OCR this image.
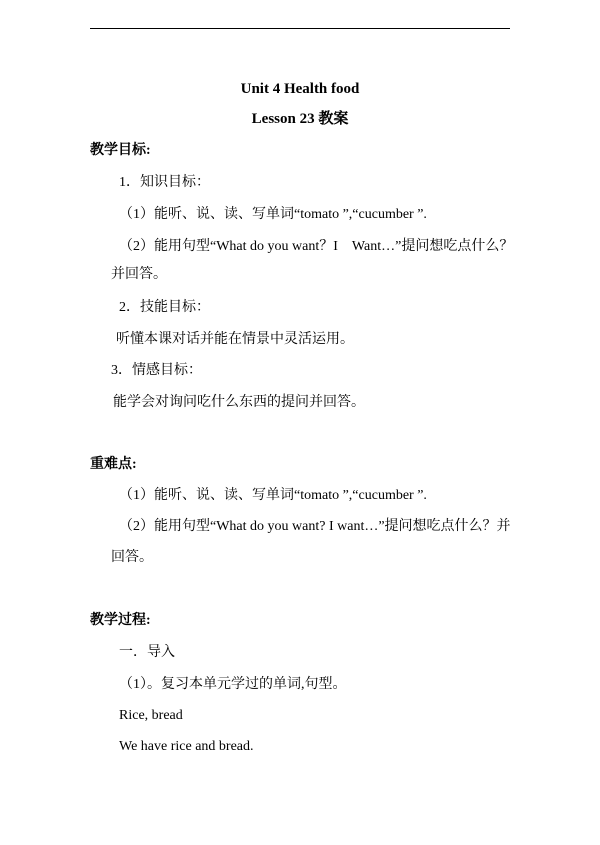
Unit 4 Health food
Lesson 23 教案
教学目标:
1．知识目标：
（1）能听、说、读、写单词“tomato ”,“cucumber ”.
（2）能用句型“What do you want？I　Want…”提问想吃点什么？
并回答。
2．技能目标：
听懂本课对话并能在情景中灵活运用。
3．情感目标：
能学会对询问吃什么东西的提问并回答。
重难点:
（1）能听、说、读、写单词“tomato ”,“cucumber ”.
（2）能用句型“What do you want? I want…”提问想吃点什么？并
回答。
教学过程:
一．导入
（1）。复习本单元学过的单词,句型。
Rice, bread
We have rice and bread.
